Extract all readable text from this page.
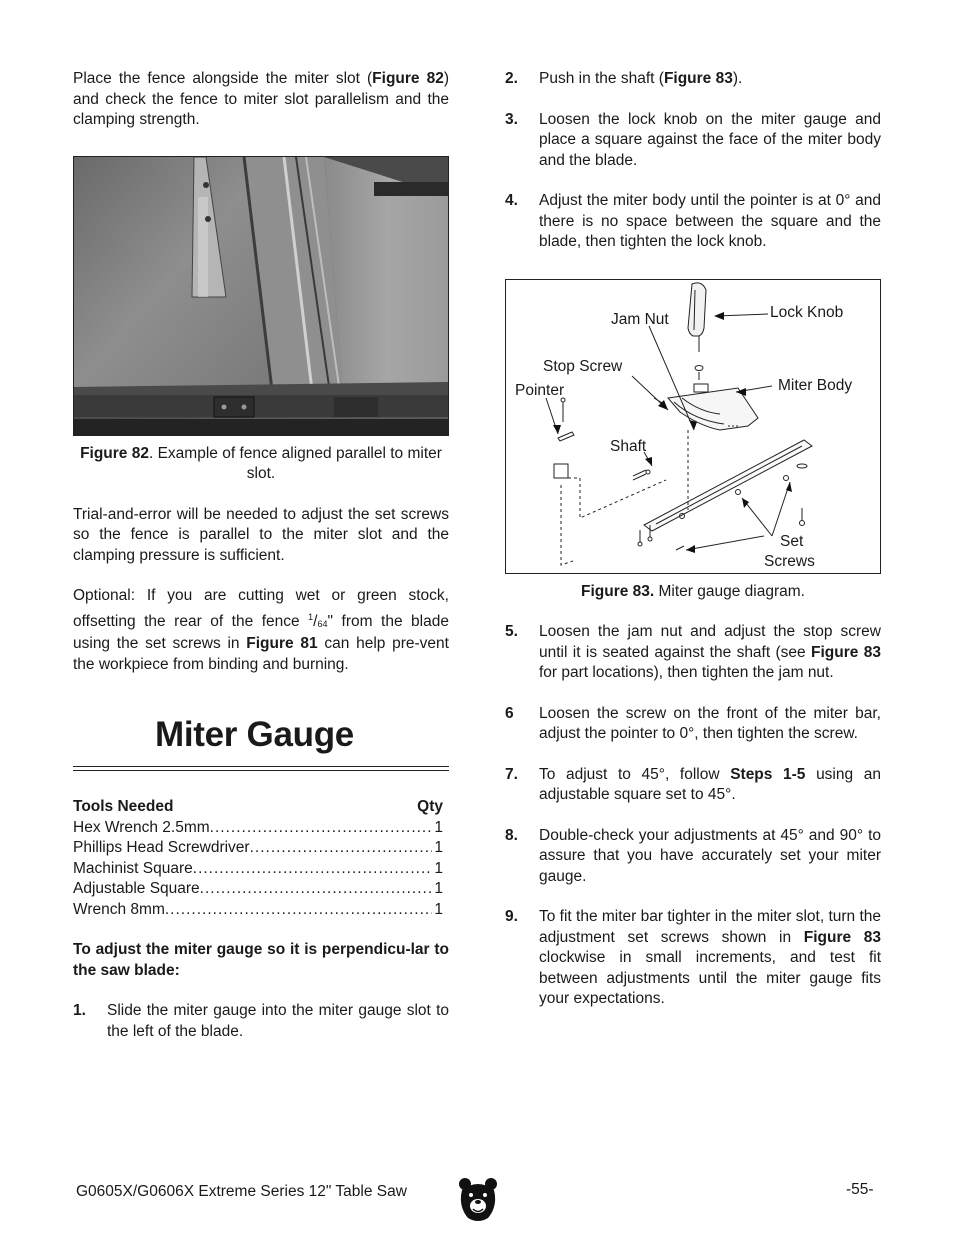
Place the fence alongside the miter slot (Figure 82) and check the fence to miter slot parallelism and the clamping strength.

Figure 82. Example of fence aligned parallel to miter slot.

Trial-and-error will be needed to adjust the set screws so the fence is parallel to the miter slot and the clamping pressure is sufficient.

Optional: If you are cutting wet or green stock, offsetting the rear of the fence $^1$/64" from the blade using the set screws in Figure 81 can help pre-vent the workpiece from binding and burning.

Miter Gauge
Tools Needed	Qty
Hex Wrench 2.5mm .....	1
Phillips Head Screwdriver .....	1
Machinist Square .....	1
Adjustable Square .....	1
Wrench 8mm .....	1

To adjust the miter gauge so it is perpendicu-lar to the saw blade:

1.	Slide the miter gauge into the miter gauge slot to the left of the blade.
2.	Push in the shaft (Figure 83).
3.	Loosen the lock knob on the miter gauge and place a square against the face of the miter body and the blade.
4.	Adjust the miter body until the pointer is at 0° and there is no space between the square and the blade, then tighten the lock knob.
Jam Nut	Lock Knob
Stop Screw
Pointer	Miter Body
Shaft
Set
Screws

Figure 83. Miter gauge diagram.

5.	Loosen the jam nut and adjust the stop screw until it is seated against the shaft (see Figure 83 for part locations), then tighten the jam nut.
6	Loosen the screw on the front of the miter bar, adjust the pointer to 0°, then tighten the screw.
7.	To adjust to 45°, follow Steps 1-5 using an adjustable square set to 45°.
8.	Double-check your adjustments at 45° and 90° to assure that you have accurately set your miter gauge.
9.	To fit the miter bar tighter in the miter slot, turn the adjustment set screws shown in Figure 83 clockwise in small increments, and test fit between adjustments until the miter gauge fits your expectations.
G0605X/G0606X Extreme Series 12" Table Saw	-55-
